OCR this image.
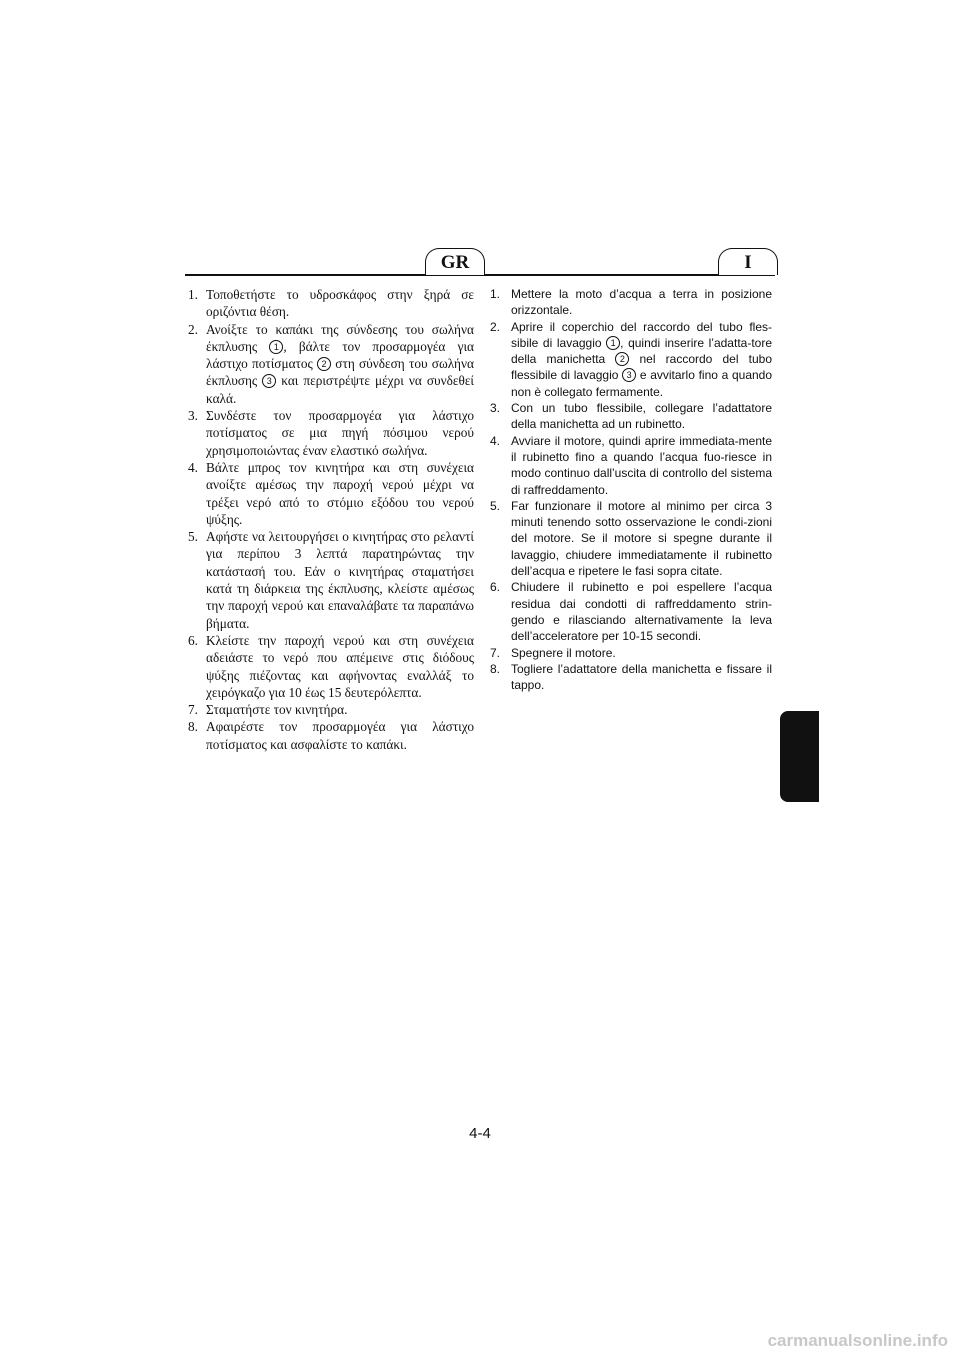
GR	I
1. Τοποθετήστε το υδροσκάφος στην ξηρά σε οριζόντια θέση.
2. Ανοίξτε το καπάκι της σύνδεσης του σωλήνα έκπλυσης 1 , βάλτε τον προσαρμογέα για λάστιχο ποτίσματος 2 στη σύνδεση του σωλήνα έκπλυσης 3 και περιστρέψτε μέχρι να συνδεθεί καλά.
3. Συνδέστε τον προσαρμογέα για λάστιχο ποτίσματος σε μια πηγή πόσιμου νερού χρησιμοποιώντας έναν ελαστικό σωλήνα.
4. Βάλτε μπρος τον κινητήρα και στη συνέχεια ανοίξτε αμέσως την παροχή νερού μέχρι να τρέξει νερό από το στόμιο εξόδου του νερού ψύξης.
5. Αφήστε να λειτουργήσει ο κινητήρας στο ρελαντί για περίπου 3 λεπτά παρατηρώντας την κατάστασή του. Εάν ο κινητήρας σταματήσει κατά τη διάρκεια της έκπλυσης, κλείστε αμέσως την παροχή νερού και επαναλάβατε τα παραπάνω βήματα.
6. Κλείστε την παροχή νερού και στη συνέχεια αδειάστε το νερό που απέμεινε στις διόδους ψύξης πιέζοντας και αφήνοντας εναλλάξ το χειρόγκαζο για 10 έως 15 δευτερόλεπτα.
7. Σταματήστε τον κινητήρα.
8. Αφαιρέστε τον προσαρμογέα για λάστιχο ποτίσματος και ασφαλίστε το καπάκι.
1. Mettere la moto d’acqua a terra in posizione orizzontale.
2. Aprire il coperchio del raccordo del tubo fles-sibile di lavaggio 1 , quindi inserire l’adatta-tore della manichetta 2 nel raccordo del tubo flessibile di lavaggio 3 e avvitarlo fino a quando non è collegato fermamente.
3. Con un tubo flessibile, collegare l’adattatore della manichetta ad un rubinetto.
4. Avviare il motore, quindi aprire immediata-mente il rubinetto fino a quando l’acqua fuo-riesce in modo continuo dall’uscita di controllo del sistema di raffreddamento.
5. Far funzionare il motore al minimo per circa 3 minuti tenendo sotto osservazione le condi-zioni del motore. Se il motore si spegne durante il lavaggio, chiudere immediatamente il rubinetto dell’acqua e ripetere le fasi sopra citate.
6. Chiudere il rubinetto e poi espellere l’acqua residua dai condotti di raffreddamento strin-gendo e rilasciando alternativamente la leva dell’acceleratore per 10-15 secondi.
7. Spegnere il motore.
8. Togliere l’adattatore della manichetta e fissare il tappo.
4-4
carmanualsonline.info
